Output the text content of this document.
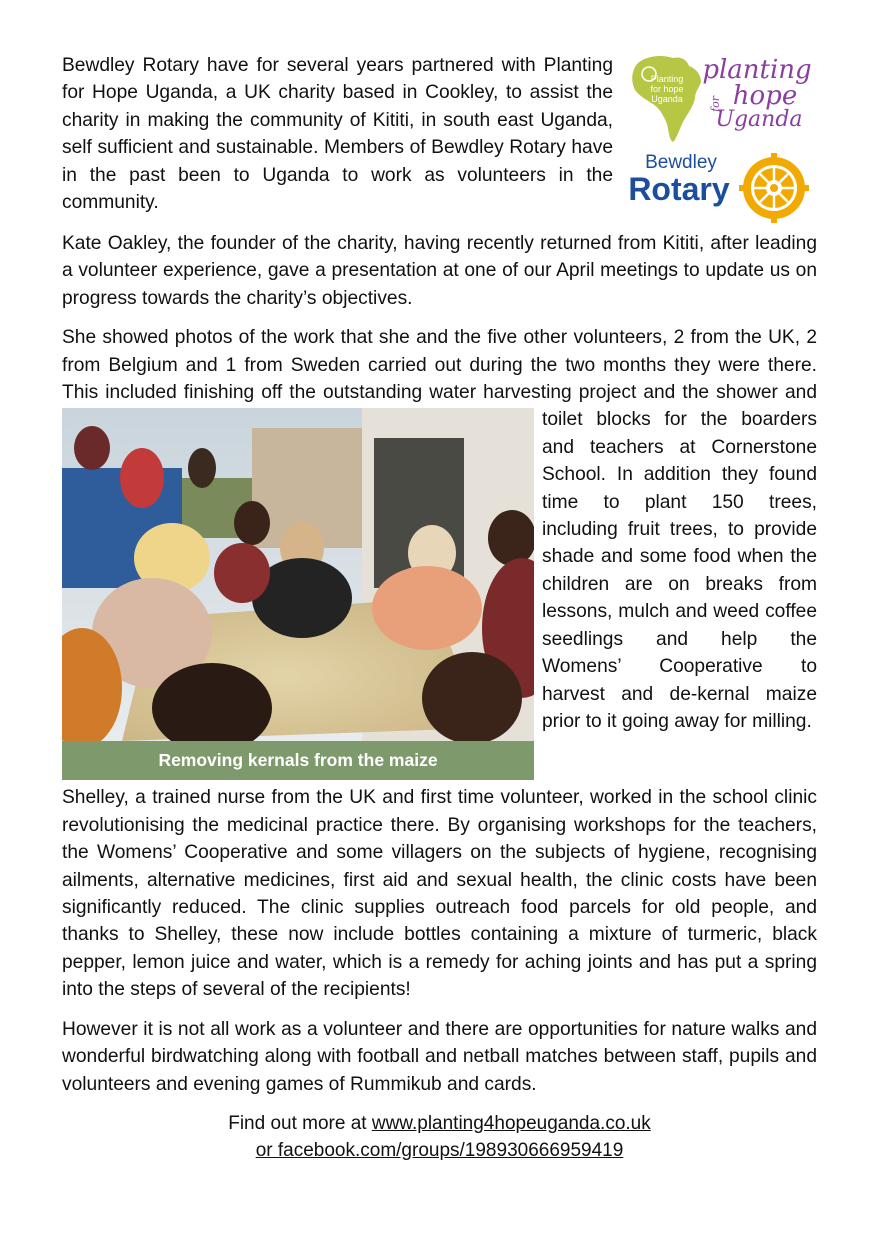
Planting
for hope
Uganda
planting
for hope
Uganda
Bewdley
Rotary

Bewdley Rotary have for several years partnered with Planting for Hope Uganda, a UK charity based in Cookley, to assist the charity in making the community of Kititi, in south east Uganda, self sufficient and sustainable. Members of Bewdley Rotary have in the past been to Uganda to work as volunteers in the community.

Kate Oakley, the founder of the charity, having recently returned from Kititi, after leading a volunteer experience, gave a presentation at one of our April meetings to update us on progress towards the charity’s objectives.

She showed photos of the work that she and the five other volunteers, 2 from the UK, 2 from Belgium and 1 from Sweden carried out during the two months they were there. This included finishing off the outstanding water harvesting project
Removing kernals from the maize
and the shower and toilet blocks for the boarders and teachers at Cornerstone School. In addition they found time to plant 150 trees, including fruit trees, to provide shade and some food when the children are on breaks from lessons, mulch and weed coffee seedlings and help the Womens’ Cooperative to harvest and de-kernal maize prior to it going away for milling.

Shelley, a trained nurse from the UK and first time volunteer, worked in the school clinic revolutionising the medicinal practice there. By organising workshops for the teachers, the Womens’ Cooperative and some villagers on the subjects of hygiene, recognising ailments, alternative medicines, first aid and sexual health, the clinic costs have been significantly reduced. The clinic supplies outreach food parcels for old people, and thanks to Shelley, these now include bottles containing a mixture of turmeric, black pepper, lemon juice and water, which is a remedy for aching joints and has put a spring into the steps of several of the recipients!

However it is not all work as a volunteer and there are opportunities for nature walks and wonderful birdwatching along with football and netball matches between staff, pupils and volunteers and evening games of Rummikub and cards.

Find out more at www.planting4hopeuganda.co.uk
or facebook.com/groups/198930666959419
